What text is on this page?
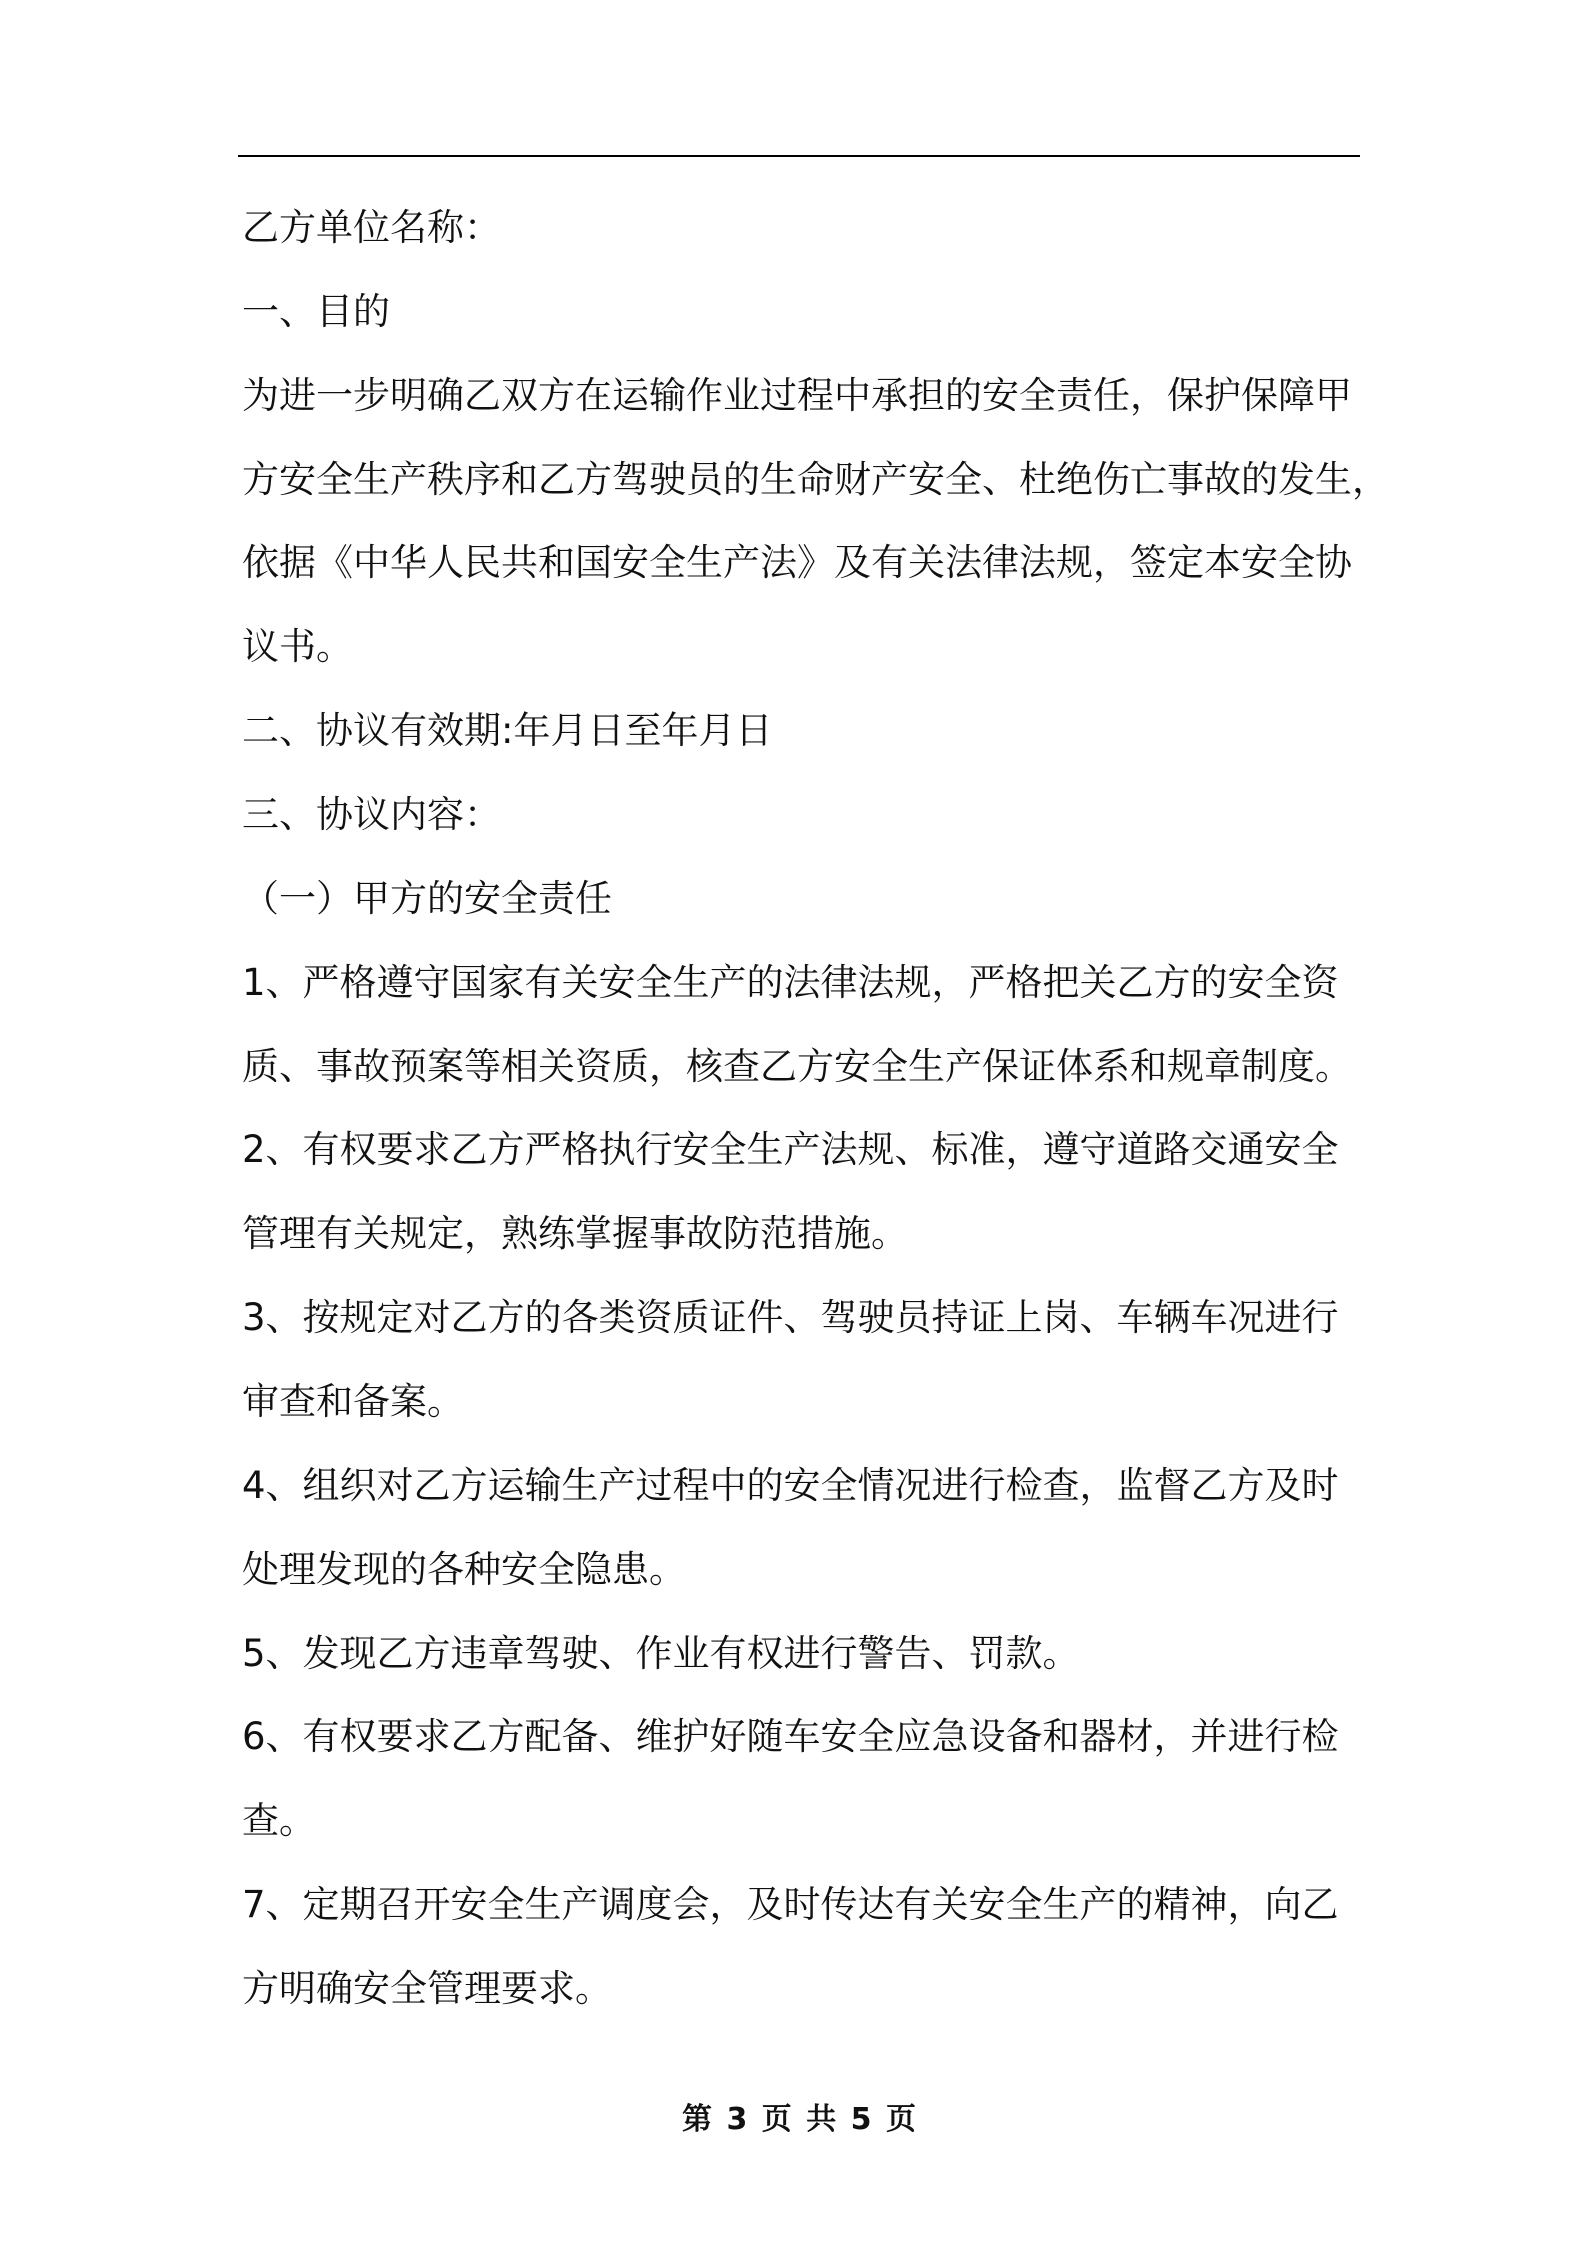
乙方单位名称：
一、目的
为进一步明确乙双方在运输作业过程中承担的安全责任，保护保障甲
方安全生产秩序和乙方驾驶员的生命财产安全、杜绝伤亡事故的发生，
依据《中华人民共和国安全生产法》及有关法律法规，签定本安全协
议书。
二、协议有效期:年月日至年月日
三、协议内容：
（一）甲方的安全责任
1、严格遵守国家有关安全生产的法律法规，严格把关乙方的安全资
质、事故预案等相关资质，核查乙方安全生产保证体系和规章制度。
2、有权要求乙方严格执行安全生产法规、标准，遵守道路交通安全
管理有关规定，熟练掌握事故防范措施。
3、按规定对乙方的各类资质证件、驾驶员持证上岗、车辆车况进行
审查和备案。
4、组织对乙方运输生产过程中的安全情况进行检查，监督乙方及时
处理发现的各种安全隐患。
5、发现乙方违章驾驶、作业有权进行警告、罚款。
6、有权要求乙方配备、维护好随车安全应急设备和器材，并进行检
查。
7、定期召开安全生产调度会，及时传达有关安全生产的精神，向乙
方明确安全管理要求。
第 3 页 共 5 页
